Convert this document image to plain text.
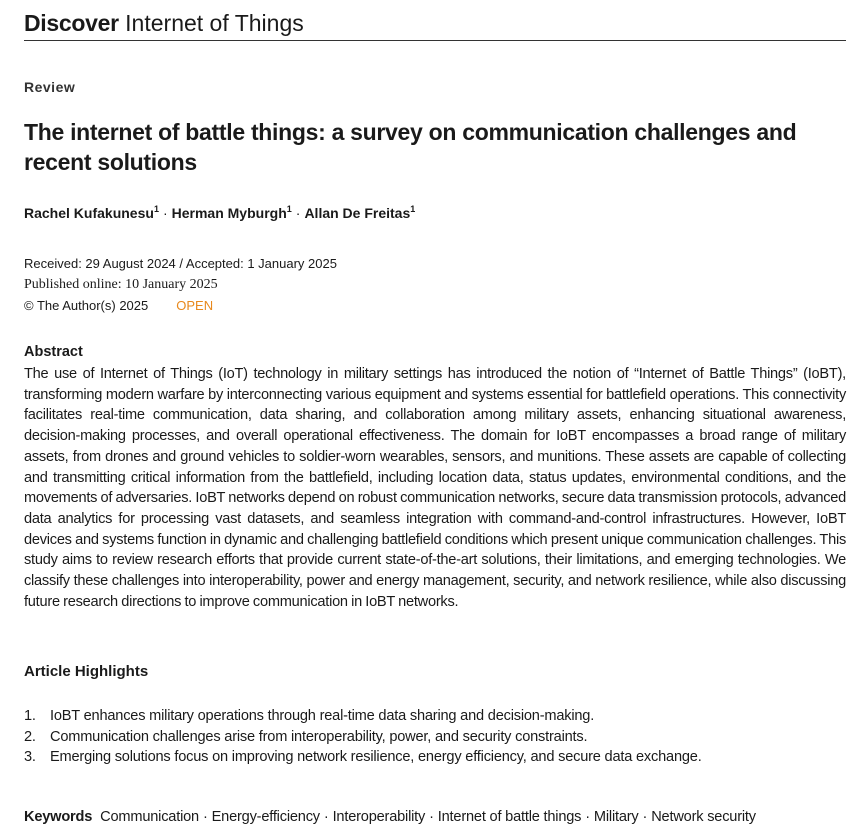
Discover Internet of Things
Review
The internet of battle things: a survey on communication challenges and recent solutions
Rachel Kufakunesu$^1$ · Herman Myburgh$^1$ · Allan De Freitas$^1$
Received: 29 August 2024 / Accepted: 1 January 2025
Published online: 10 January 2025
© The Author(s) 2025 OPEN
Abstract

The use of Internet of Things (IoT) technology in military settings has introduced the notion of “Internet of Battle Things” (IoBT), transforming modern warfare by interconnecting various equipment and systems essential for battlefield operations. This connectivity facilitates real-time communication, data sharing, and collaboration among military assets, enhancing situational awareness, decision-making processes, and overall operational effectiveness. The domain for IoBT encompasses a broad range of military assets, from drones and ground vehicles to soldier-worn wearables, sensors, and munitions. These assets are capable of collecting and transmitting critical information from the battlefield, including location data, status updates, environmental conditions, and the movements of adversaries. IoBT networks depend on robust communication networks, secure data transmission protocols, advanced data analytics for processing vast datasets, and seamless integration with command-and-control infrastructures. However, IoBT devices and systems function in dynamic and challenging battlefield conditions which present unique communication challenges. This study aims to review research efforts that provide current state-of-the-art solutions, their limitations, and emerging technologies. We classify these challenges into interoperability, power and energy management, security, and network resilience, while also discussing future research directions to improve communication in IoBT networks.

Article Highlights
1. IoBT enhances military operations through real-time data sharing and decision-making.
2. Communication challenges arise from interoperability, power, and security constraints.
3. Emerging solutions focus on improving network resilience, energy efficiency, and secure data exchange.
Keywords Communication · Energy-efficiency · Interoperability · Internet of battle things · Military · Network security
